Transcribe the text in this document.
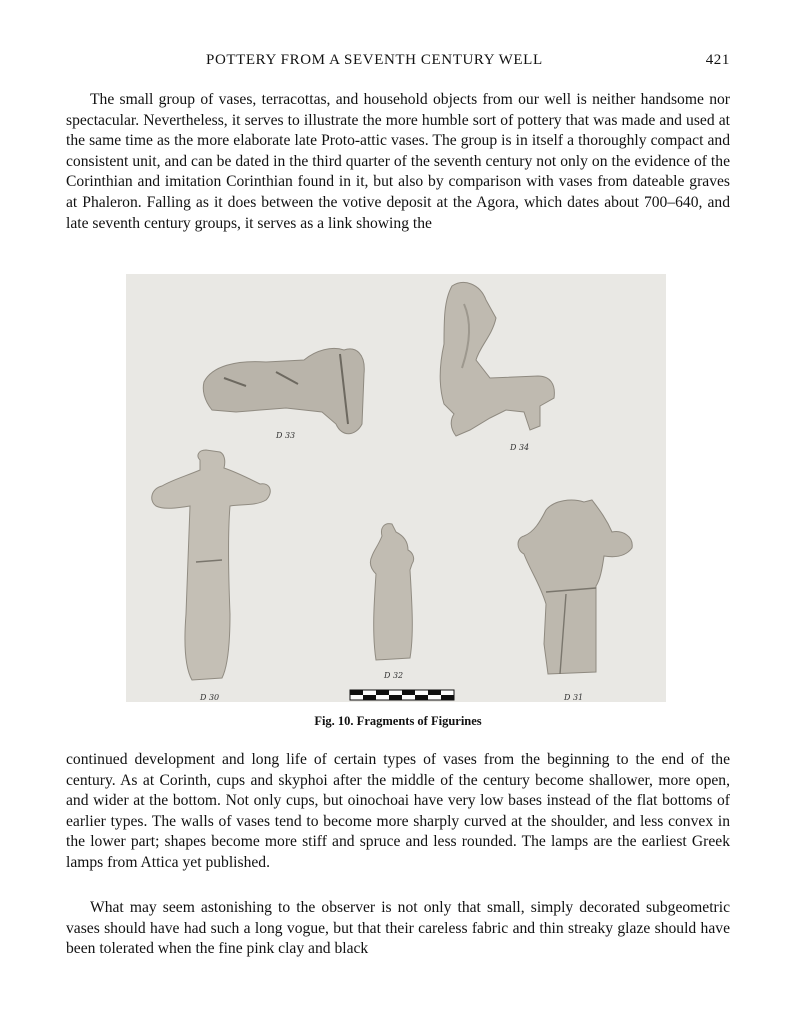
POTTERY FROM A SEVENTH CENTURY WELL	421

The small group of vases, terracottas, and household objects from our well is neither handsome nor spectacular. Nevertheless, it serves to illustrate the more humble sort of pottery that was made and used at the same time as the more elaborate late Proto-attic vases. The group is in itself a thoroughly compact and consistent unit, and can be dated in the third quarter of the seventh century not only on the evidence of the Corinthian and imitation Corinthian found in it, but also by comparison with vases from dateable graves at Phaleron. Falling as it does between the votive deposit at the Agora, which dates about 700–640, and late seventh century groups, it serves as a link showing the

D 33
D 34
D 30
D 32
D 31
Fig. 10. Fragments of Figurines

continued development and long life of certain types of vases from the beginning to the end of the century. As at Corinth, cups and skyphoi after the middle of the century become shallower, more open, and wider at the bottom. Not only cups, but oinochoai have very low bases instead of the flat bottoms of earlier types. The walls of vases tend to become more sharply curved at the shoulder, and less convex in the lower part; shapes become more stiff and spruce and less rounded. The lamps are the earliest Greek lamps from Attica yet published.

What may seem astonishing to the observer is not only that small, simply decorated subgeometric vases should have had such a long vogue, but that their careless fabric and thin streaky glaze should have been tolerated when the fine pink clay and black
